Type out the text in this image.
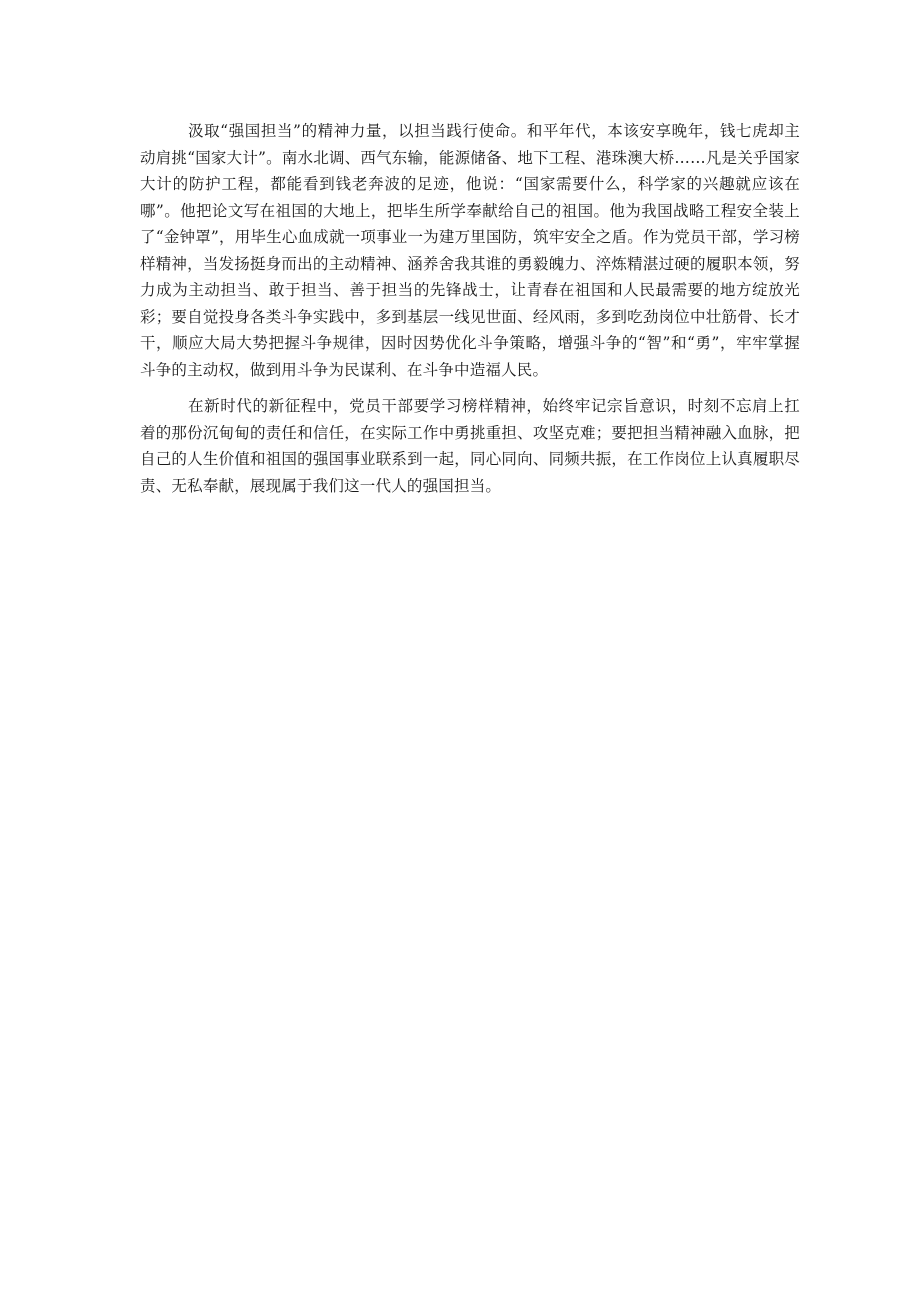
汲取“强国担当”的精神力量，以担当践行使命。和平年代，本该安享晚年，钱七虎却主动肩挑“国家大计”。南水北调、西气东输，能源储备、地下工程、港珠澳大桥……凡是关乎国家大计的防护工程，都能看到钱老奔波的足迹，他说：“国家需要什么，科学家的兴趣就应该在哪”。他把论文写在祖国的大地上，把毕生所学奉献给自己的祖国。他为我国战略工程安全装上了“金钟罩”，用毕生心血成就一项事业一为建万里国防，筑牢安全之盾。作为党员干部，学习榜样精神，当发扬挺身而出的主动精神、涵养舍我其谁的勇毅魄力、淬炼精湛过硬的履职本领，努力成为主动担当、敢于担当、善于担当的先锋战士，让青春在祖国和人民最需要的地方绽放光彩；要自觉投身各类斗争实践中，多到基层一线见世面、经风雨，多到吃劲岗位中壮筋骨、长才干，顺应大局大势把握斗争规律，因时因势优化斗争策略，增强斗争的“智”和“勇”，牢牢掌握斗争的主动权，做到用斗争为民谋利、在斗争中造福人民。

在新时代的新征程中，党员干部要学习榜样精神，始终牢记宗旨意识，时刻不忘肩上扛着的那份沉甸甸的责任和信任，在实际工作中勇挑重担、攻坚克难；要把担当精神融入血脉，把自己的人生价值和祖国的强国事业联系到一起，同心同向、同频共振，在工作岗位上认真履职尽责、无私奉献，展现属于我们这一代人的强国担当。
